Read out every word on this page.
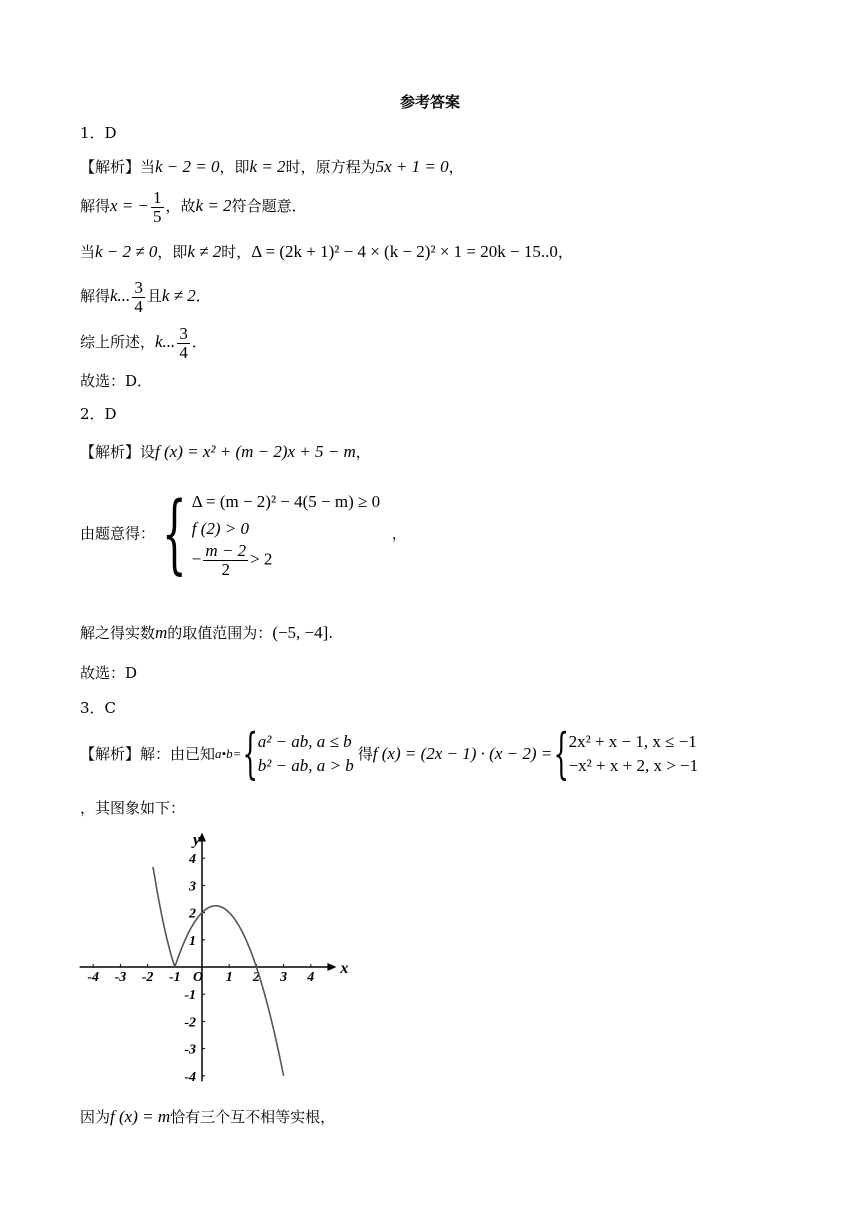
参考答案
1．D
【解析】当k − 2 = 0，即k = 2时，原方程为5x + 1 = 0，
解得x = − $\frac{1}{5}$ ，故k = 2符合题意．
当k − 2 ≠ 0，即k ≠ 2时，Δ = (2k + 1)² − 4 × (k − 2)² × 1 = 20k − 15..0，
解得k... $\frac{3}{4}$ 且k ≠ 2．
综上所述，k... $\frac{3}{4}$ ．
故选：D．
2．D
【解析】设f (x) = x² + (m − 2)x + 5 − m，
由题意得：{ Δ = (m − 2)² − 4(5 − m) ≥ 0
f (2) > 0
− $\frac{m - 2}{2} > 2$
，
解之得实数m的取值范围为：(−5, −4].
故选：D
3．C
【解析】解：由已知a•b={ a² − ab, a ≤ b
b² − ab, a > b
得f (x) = (2x − 1) · (x − 2) ={ 2x² + x − 1, x ≤ −1
−x² + x + 2, x > −1
，其图象如下：
-4 -3 -2 -1 O 1 2 3 4
4
3
2
1
-1
-2
-3
-4
x
y
因为f (x) = m恰有三个互不相等实根，
